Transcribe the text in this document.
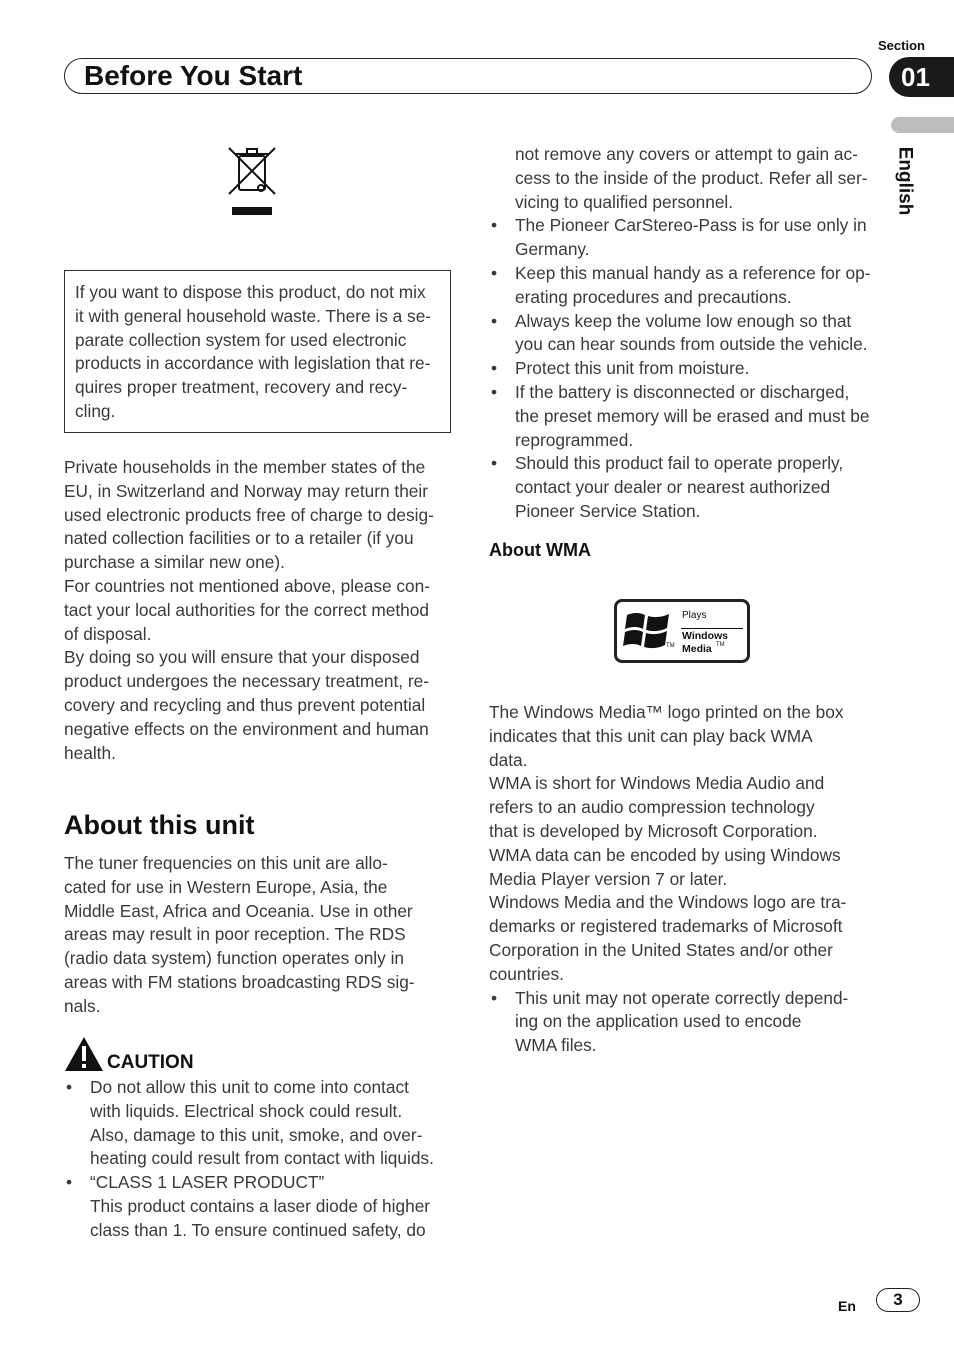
Section
Before You Start	01
English

If you want to dispose this product, do not mix

it with general household waste. There is a se-

parate collection system for used electronic

products in accordance with legislation that re-

quires proper treatment, recovery and recy-

cling.

Private households in the member states of the

EU, in Switzerland and Norway may return their

used electronic products free of charge to desig-

nated collection facilities or to a retailer (if you

purchase a similar new one).

For countries not mentioned above, please con-

tact your local authorities for the correct method

of disposal.

By doing so you will ensure that your disposed

product undergoes the necessary treatment, re-

covery and recycling and thus prevent potential

negative effects on the environment and human

health.

About this unit

The tuner frequencies on this unit are allo-

cated for use in Western Europe, Asia, the

Middle East, Africa and Oceania. Use in other

areas may result in poor reception. The RDS

(radio data system) function operates only in

areas with FM stations broadcasting RDS sig-

nals.

CAUTION
• Do not allow this unit to come into contact
with liquids. Electrical shock could result.
Also, damage to this unit, smoke, and over-
heating could result from contact with liquids.
• “CLASS 1 LASER PRODUCT”
This product contains a laser diode of higher
class than 1. To ensure continued safety, do
not remove any covers or attempt to gain ac-
cess to the inside of the product. Refer all ser-
vicing to qualified personnel.
• The Pioneer CarStereo-Pass is for use only in
Germany.
• Keep this manual handy as a reference for op-
erating procedures and precautions.
• Always keep the volume low enough so that
you can hear sounds from outside the vehicle.
• Protect this unit from moisture.
• If the battery is disconnected or discharged,
the preset memory will be erased and must be
reprogrammed.
• Should this product fail to operate properly,
contact your dealer or nearest authorized
Pioneer Service Station.
About WMA
TM
Plays
Windows
Media TM

The Windows Media™ logo printed on the box

indicates that this unit can play back WMA

data.

WMA is short for Windows Media Audio and

refers to an audio compression technology

that is developed by Microsoft Corporation.

WMA data can be encoded by using Windows

Media Player version 7 or later.

Windows Media and the Windows logo are tra-

demarks or registered trademarks of Microsoft

Corporation in the United States and/or other

countries.

• This unit may not operate correctly depend-
ing on the application used to encode
WMA files.
En	3
